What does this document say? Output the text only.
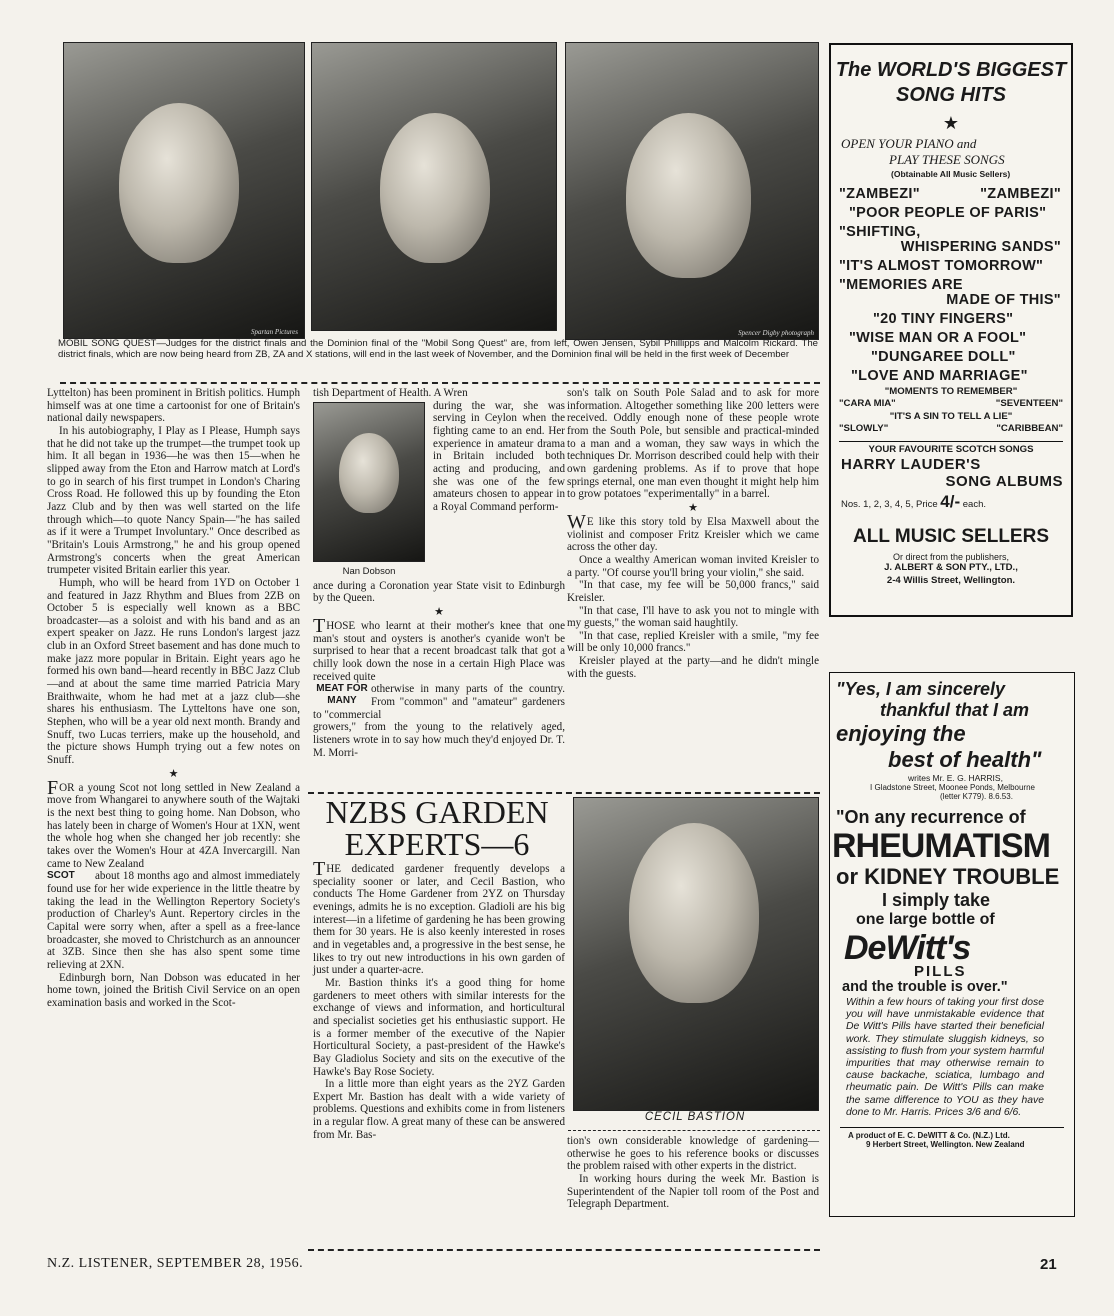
Spartan Pictures	Spencer Digby photograph
MOBIL SONG QUEST—Judges for the district finals and the Dominion final of the "Mobil Song Quest" are, from left, Owen Jensen, Sybil Phillipps and Malcolm Rickard. The district finals, which are now being heard from ZB, ZA and X stations, will end in the last week of November, and the Dominion final will be held in the first week of December

Lyttelton) has been prominent in British politics. Humph himself was at one time a cartoonist for one of Britain's national daily newspapers.

In his autobiography, I Play as I Please, Humph says that he did not take up the trumpet—the trumpet took up him. It all began in 1936—he was then 15—when he slipped away from the Eton and Harrow match at Lord's to go in search of his first trumpet in London's Charing Cross Road. He followed this up by founding the Eton Jazz Club and by then was well started on the life through which—to quote Nancy Spain—"he has sailed as if it were a Trumpet Involuntary." Once described as "Britain's Louis Armstrong," he and his group opened Armstrong's concerts when the great American trumpeter visited Britain earlier this year.

Humph, who will be heard from 1YD on October 1 and featured in Jazz Rhythm and Blues from 2ZB on October 5 is especially well known as a BBC broadcaster—as a soloist and with his band and as an expert speaker on Jazz. He runs London's largest jazz club in an Oxford Street basement and has done much to make jazz more popular in Britain. Eight years ago he formed his own band—heard recently in BBC Jazz Club—and at about the same time married Patricia Mary Braithwaite, whom he had met at a jazz club—she shares his enthusiasm. The Lytteltons have one son, Stephen, who will be a year old next month. Brandy and Snuff, two Lucas terriers, make up the household, and the picture shows Humph trying out a few notes on Snuff.

★

FOR a young Scot not long settled in New Zealand a move from Whangarei to anywhere south of the Wajtaki is the next best thing to going home. Nan Dobson, who has lately been in charge of Women's Hour at 1XN, went the whole hog when she changed her job recently: she takes over the Women's Hour at 4ZA Invercargill. Nan came to New Zealand

SCOT	about 18 months ago and almost immediately found use for her wide experience in the little theatre by taking the lead in the Wellington Repertory Society's production of Charley's Aunt. Repertory circles in the Capital were sorry when, after a spell as a free-lance broadcaster, she moved to Christchurch as an announcer at 3ZB. Since then she has also spent some time relieving at 2XN.

Edinburgh born, Nan Dobson was educated in her home town, joined the British Civil Service on an open examination basis and worked in the Scot-

tish Department of Health. A Wren

Nan Dobson

during the war, she was serving in Ceylon when the fighting came to an end. Her experience in amateur drama in Britain included both acting and producing, and she was one of the few amateurs chosen to appear in a Royal Command perform-

ance during a Coronation year State visit to Edinburgh by the Queen.

★

THOSE who learnt at their mother's knee that one man's stout and oysters is another's cyanide won't be surprised to hear that a recent broadcast talk that got a chilly look down the nose in a certain High Place was received quite

MEAT FOR MANY
otherwise in many parts of the country. From "common" and "amateur" gardeners to "commercial

growers," from the young to the relatively aged, listeners wrote in to say how much they'd enjoyed Dr. T. M. Morri-

son's talk on South Pole Salad and to ask for more information. Altogether something like 200 letters were received. Oddly enough none of these people wrote from the South Pole, but sensible and practical-minded to a man and a woman, they saw ways in which the techniques Dr. Morrison described could help with their own gardening problems. As if to prove that hope springs eternal, one man even thought it might help him to grow potatoes "experimentally" in a barrel.

★

W E like this story told by Elsa Maxwell about the violinist and composer Fritz Kreisler which we came across the other day.

Once a wealthy American woman invited Kreisler to a party. "Of course you'll bring your violin," she said.

"In that case, my fee will be 50,000 francs," said Kreisler.

"In that case, I'll have to ask you not to mingle with my guests," the woman said haughtily.

"In that case, replied Kreisler with a smile, "my fee will be only 10,000 francs."

Kreisler played at the party—and he didn't mingle with the guests.

NZBS GARDEN
EXPERTS—6

THE dedicated gardener frequently develops a speciality sooner or later, and Cecil Bastion, who conducts The Home Gardener from 2YZ on Thursday evenings, admits he is no exception. Gladioli are his big interest—in a lifetime of gardening he has been growing them for 30 years. He is also keenly interested in roses and in vegetables and, a progressive in the best sense, he likes to try out new introductions in his own garden of just under a quarter-acre.

Mr. Bastion thinks it's a good thing for home gardeners to meet others with similar interests for the exchange of views and information, and horticultural and specialist societies get his enthusiastic support. He is a former member of the executive of the Napier Horticultural Society, a past-president of the Hawke's Bay Gladiolus Society and sits on the executive of the Hawke's Bay Rose Society.

In a little more than eight years as the 2YZ Garden Expert Mr. Bastion has dealt with a wide variety of problems. Questions and exhibits come in from listeners in a regular flow. A great many of these can be answered from Mr. Bas-

CECIL BASTION

tion's own considerable knowledge of gardening—otherwise he goes to his reference books or discusses the problem raised with other experts in the district.

In working hours during the week Mr. Bastion is Superintendent of the Napier toll room of the Post and Telegraph Department.

The WORLD'S BIGGEST
SONG HITS
★
OPEN YOUR PIANO and
PLAY THESE SONGS
(Obtainable All Music Sellers)
"ZAMBEZI"	"ZAMBEZI"
"POOR PEOPLE OF PARIS"
"SHIFTING,
WHISPERING SANDS"
"IT'S ALMOST TOMORROW"
"MEMORIES ARE
MADE OF THIS"
"20 TINY FINGERS"
"WISE MAN OR A FOOL"
"DUNGAREE DOLL"
"LOVE AND MARRIAGE"
"MOMENTS TO REMEMBER"
"CARA MIA"	"SEVENTEEN"
"IT'S A SIN TO TELL A LIE"
"SLOWLY"	"CARIBBEAN"
YOUR FAVOURITE SCOTCH SONGS
HARRY LAUDER'S
SONG ALBUMS
Nos. 1, 2, 3, 4, 5, Price 4/- each.
ALL MUSIC SELLERS
Or direct from the publishers,
J. ALBERT & SON PTY., LTD.,
2-4 Willis Street, Wellington.
"Yes, I am sincerely
thankful that I am
enjoying the
best of health"
writes Mr. E. G. HARRIS,
I Gladstone Street, Moonee Ponds, Melbourne
(letter K779). 8.6.53.
"On any recurrence of
RHEUMATISM
or KIDNEY TROUBLE
I simply take
one large bottle of
DeWitt's
PILLS
and the trouble is over."
Within a few hours of taking your first dose you will have unmistakable evidence that De Witt's Pills have started their beneficial work. They stimulate sluggish kidneys, so assisting to flush from your system harmful impurities that may otherwise remain to cause backache, sciatica, lumbago and rheumatic pain. De Witt's Pills can make the same difference to YOU as they have done to Mr. Harris. Prices 3/6 and 6/6.
A product of E. C. DeWITT & Co. (N.Z.) Ltd.
9 Herbert Street, Wellington. New Zealand
N.Z. LISTENER, SEPTEMBER 28, 1956.	21
